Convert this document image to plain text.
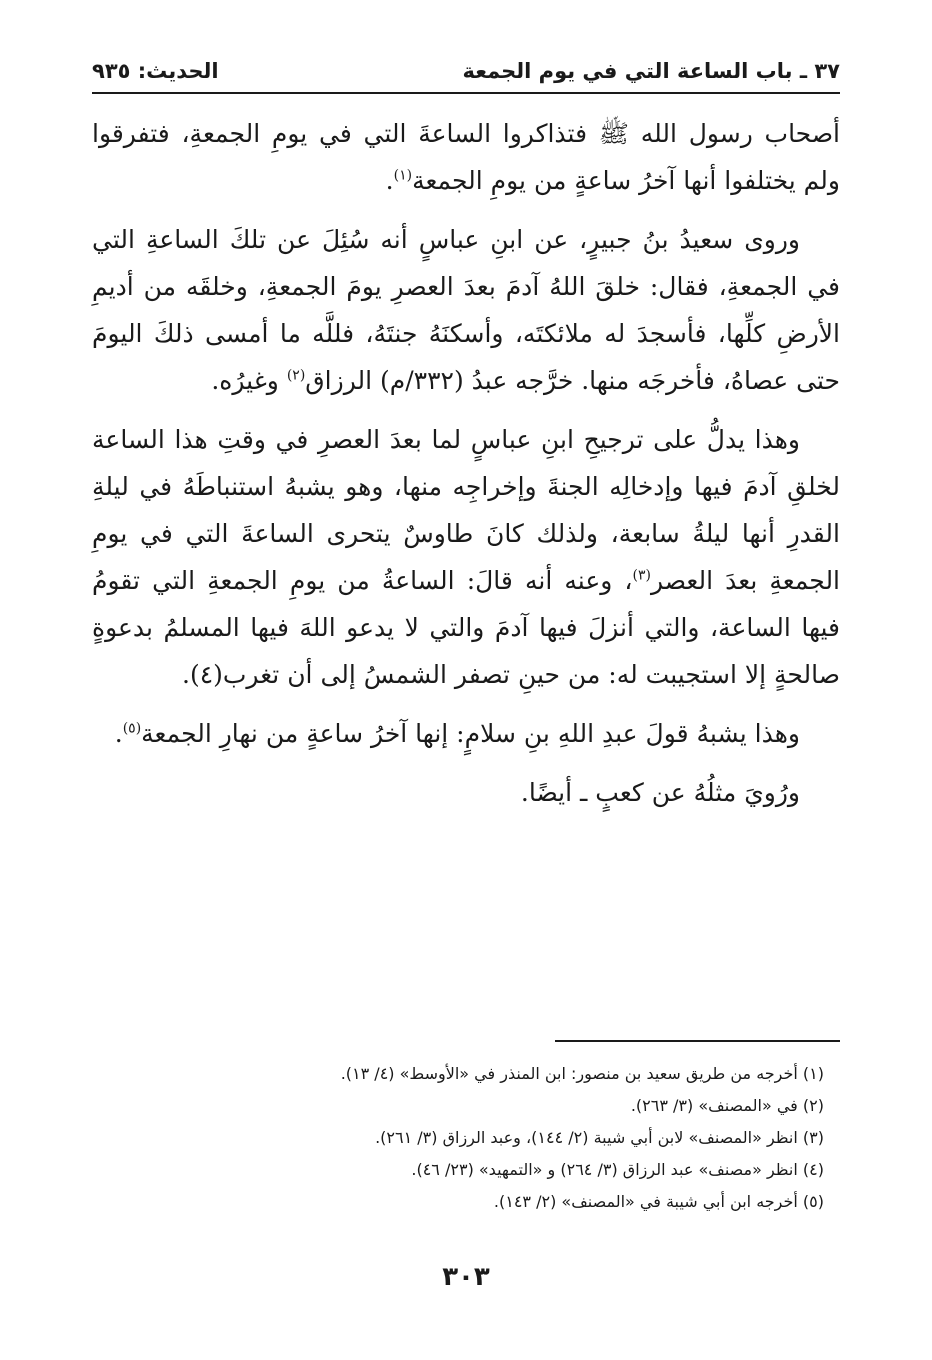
٣٧ ـ باب الساعة التي في يوم الجمعة
الحديث: ٩٣٥

أصحاب رسول الله ﷺ فتذاكروا الساعةَ التي في يومِ الجمعةِ، فتفرقوا ولم يختلفوا أنها آخرُ ساعةٍ من يومِ الجمعة$^{(١)}$.

وروى سعيدُ بنُ جبيرٍ، عن ابنِ عباسٍ أنه سُئِلَ عن تلكَ الساعةِ التي في الجمعةِ، فقال: خلقَ اللهُ آدمَ بعدَ العصرِ يومَ الجمعةِ، وخلقَه من أديمِ الأرضِ كلِّها، فأسجدَ له ملائكتَه، وأسكنَهُ جنتَهُ، فللَّه ما أمسى ذلكَ اليومَ حتى عصاهُ، فأخرجَه منها. خرَّجه عبدُ (٣٣٢/م) الرزاق$^{(٢)}$ وغيرُه.

وهذا يدلُّ على ترجيحِ ابنِ عباسٍ لما بعدَ العصرِ في وقتِ هذا الساعة لخلقِ آدمَ فيها وإدخالِه الجنةَ وإخراجِه منها، وهو يشبهُ استنباطَهُ في ليلةِ القدرِ أنها ليلةُ سابعة، ولذلك كانَ طاوسٌ يتحرى الساعةَ التي في يومِ الجمعةِ بعدَ العصر$^{(٣)}$، وعنه أنه قالَ: الساعةُ من يومِ الجمعةِ التي تقومُ فيها الساعة، والتي أنزلَ فيها آدمَ والتي لا يدعو اللهَ فيها المسلمُ بدعوةٍ صالحةٍ إلا استجيبت له: من حينِ تصفر الشمسُ إلى أن تغرب(٤).

وهذا يشبهُ قولَ عبدِ اللهِ بنِ سلامٍ: إنها آخرُ ساعةٍ من نهارِ الجمعة$^{(٥)}$.

ورُويَ مثلُهُ عن كعبٍ ـ أيضًا.

(١) أخرجه من طريق سعيد بن منصور: ابن المنذر في «الأوسط» (٤/ ١٣).
(٢) في «المصنف» (٣/ ٢٦٣).
(٣) انظر «المصنف» لابن أبي شيبة (٢/ ١٤٤)، وعبد الرزاق (٣/ ٢٦١).
(٤) انظر «مصنف» عبد الرزاق (٣/ ٢٦٤) و «التمهيد» (٢٣/ ٤٦).
(٥) أخرجه ابن أبي شيبة في «المصنف» (٢/ ١٤٣).
٣٠٣
